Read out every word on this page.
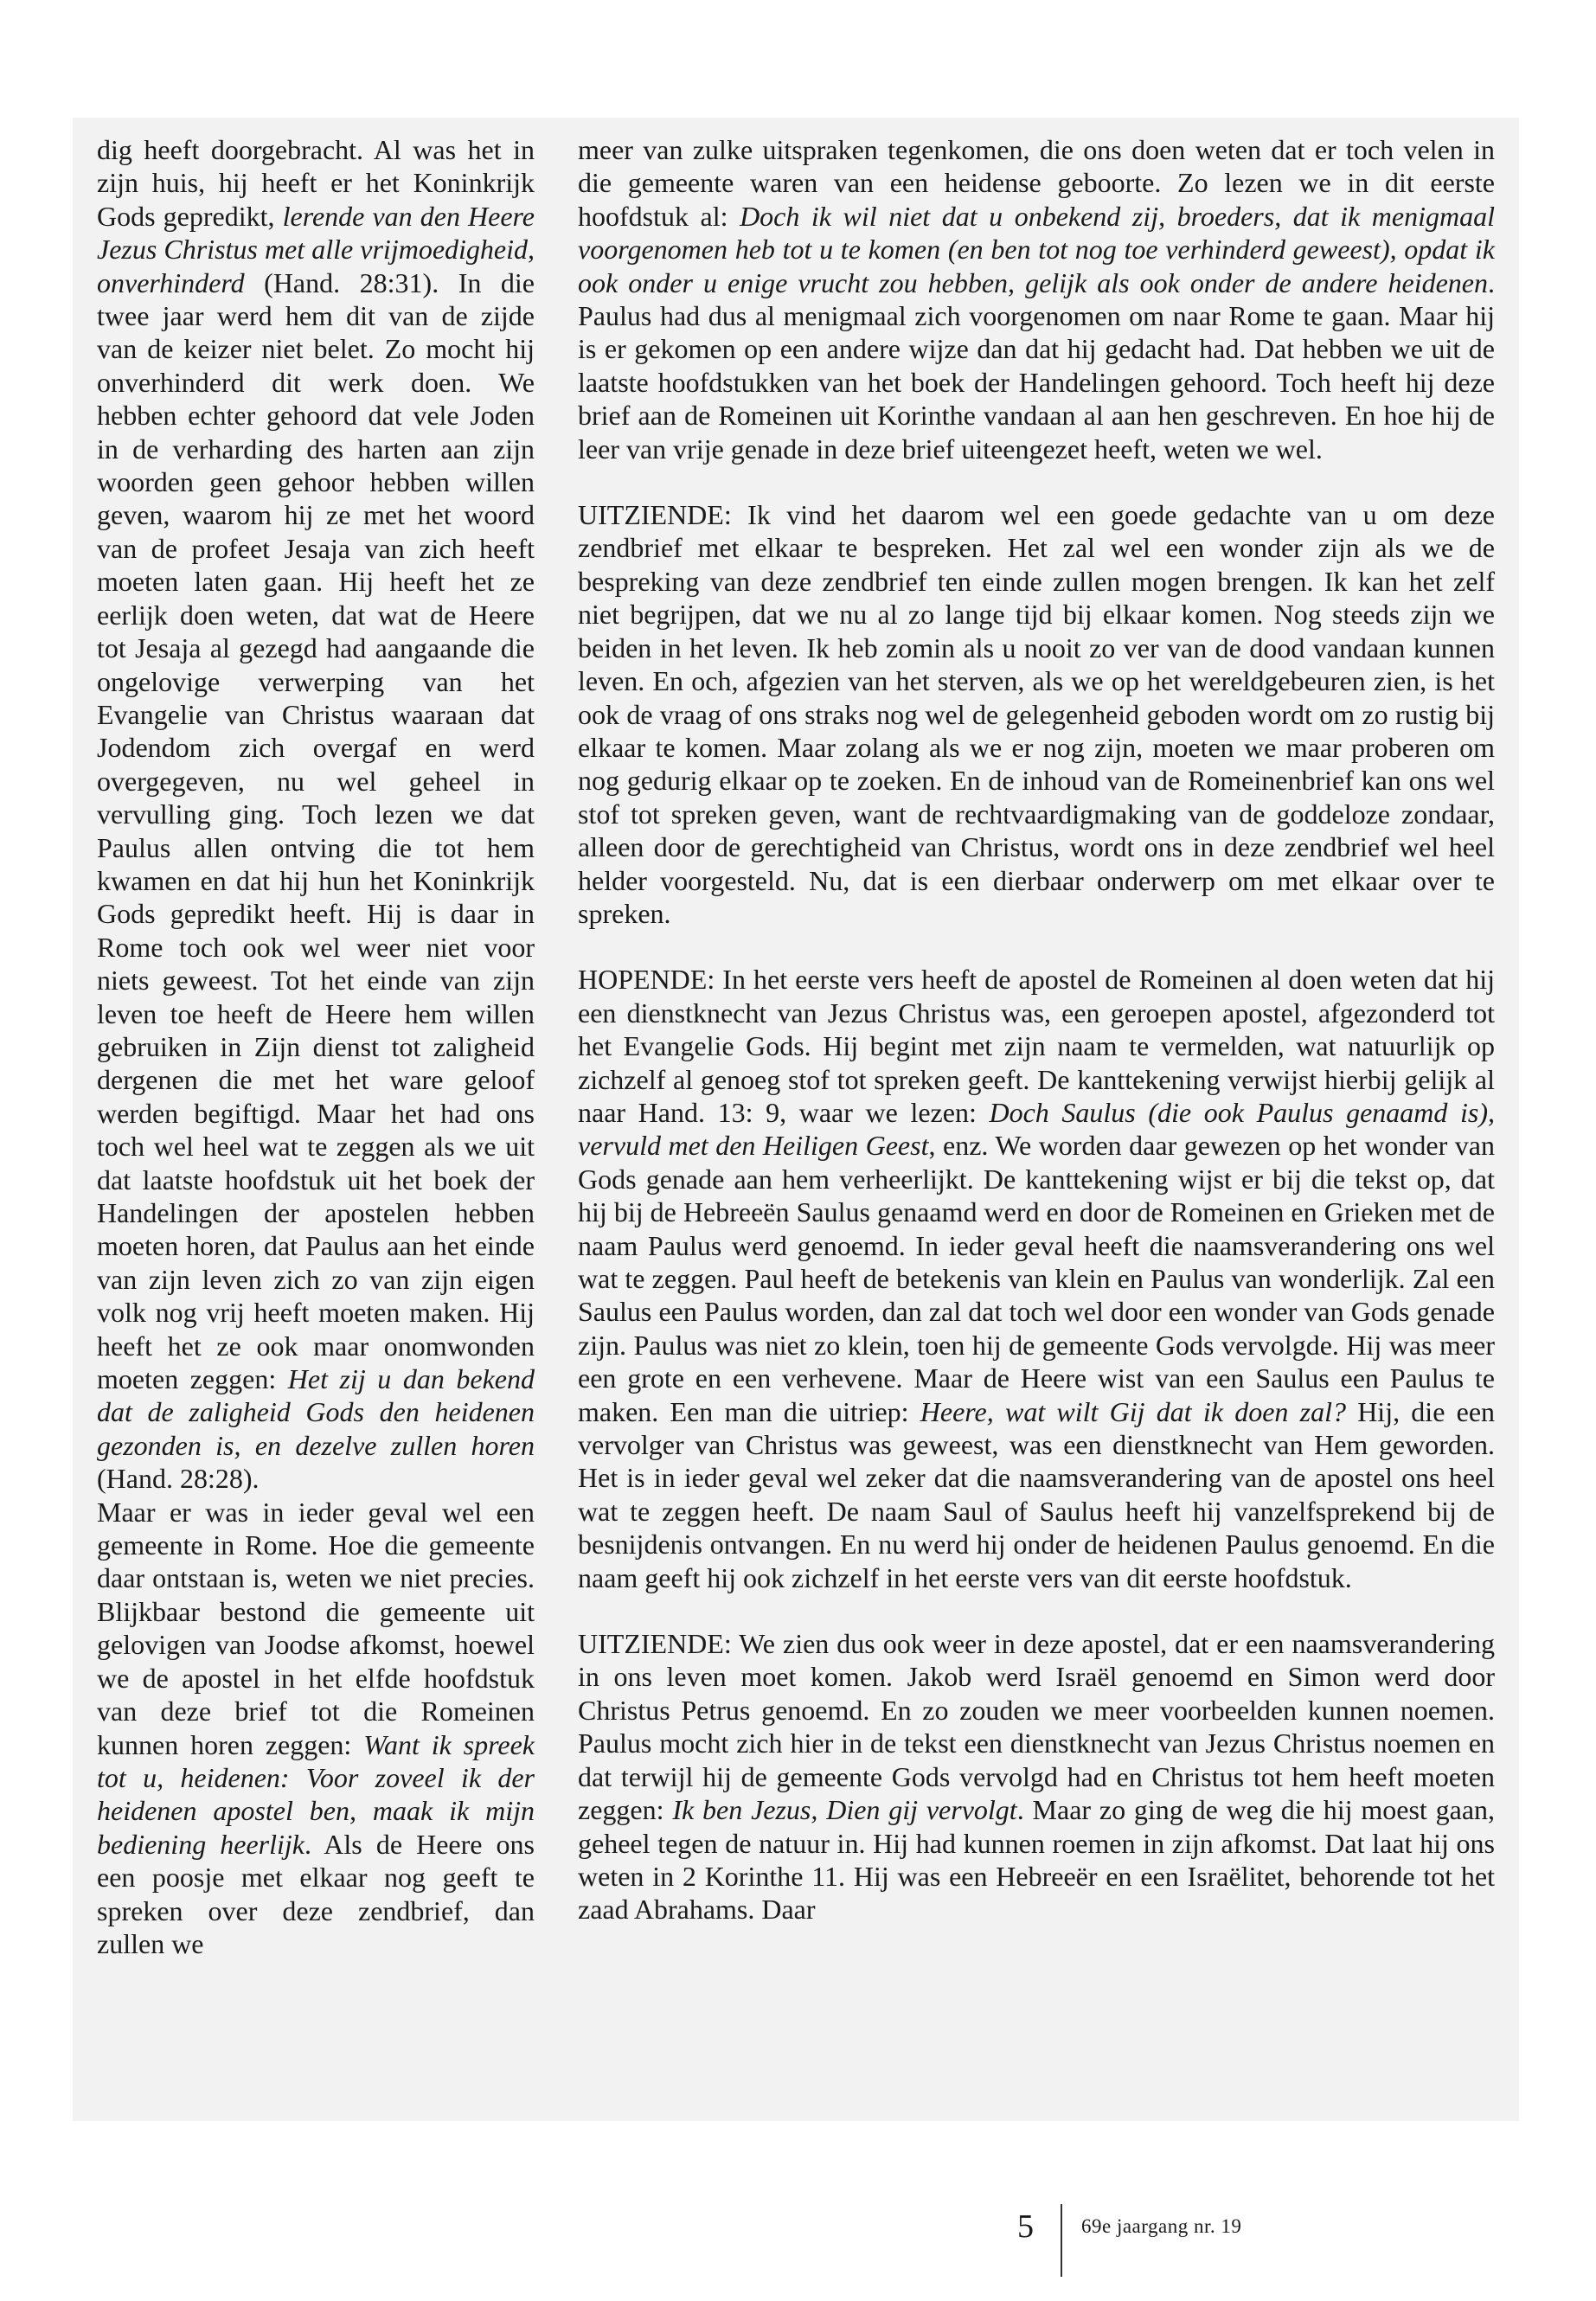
dig heeft doorgebracht. Al was het in zijn huis, hij heeft er het Koninkrijk Gods gepredikt, lerende van den Heere Jezus Christus met alle vrijmoedigheid, onverhinderd (Hand. 28:31). In die twee jaar werd hem dit van de zijde van de keizer niet belet. Zo mocht hij onverhinderd dit werk doen. We hebben echter gehoord dat vele Joden in de verharding des harten aan zijn woorden geen gehoor hebben willen geven, waarom hij ze met het woord van de profeet Jesaja van zich heeft moeten laten gaan. Hij heeft het ze eerlijk doen weten, dat wat de Heere tot Jesaja al gezegd had aangaande die ongelovige verwerping van het Evangelie van Christus waaraan dat Jodendom zich overgaf en werd overgegeven, nu wel geheel in vervulling ging. Toch lezen we dat Paulus allen ontving die tot hem kwamen en dat hij hun het Koninkrijk Gods gepredikt heeft. Hij is daar in Rome toch ook wel weer niet voor niets geweest. Tot het einde van zijn leven toe heeft de Heere hem willen gebruiken in Zijn dienst tot zaligheid dergenen die met het ware geloof werden begiftigd. Maar het had ons toch wel heel wat te zeggen als we uit dat laatste hoofdstuk uit het boek der Handelingen der apostelen hebben moeten horen, dat Paulus aan het einde van zijn leven zich zo van zijn eigen volk nog vrij heeft moeten maken. Hij heeft het ze ook maar onomwonden moeten zeggen: Het zij u dan bekend dat de zaligheid Gods den heidenen gezonden is, en dezelve zullen horen (Hand. 28:28).

Maar er was in ieder geval wel een gemeente in Rome. Hoe die gemeente daar ontstaan is, weten we niet precies. Blijkbaar bestond die gemeente uit gelovigen van Joodse afkomst, hoewel we de apostel in het elfde hoofdstuk van deze brief tot die Romeinen kunnen horen zeggen: Want ik spreek tot u, heidenen: Voor zoveel ik der heidenen apostel ben, maak ik mijn bediening heerlijk. Als de Heere ons een poosje met elkaar nog geeft te spreken over deze zendbrief, dan zullen we

meer van zulke uitspraken tegenkomen, die ons doen weten dat er toch velen in die gemeente waren van een heidense geboorte. Zo lezen we in dit eerste hoofdstuk al: Doch ik wil niet dat u onbekend zij, broeders, dat ik menigmaal voorgenomen heb tot u te komen (en ben tot nog toe verhinderd geweest), opdat ik ook onder u enige vrucht zou hebben, gelijk als ook onder de andere heidenen. Paulus had dus al menigmaal zich voorgenomen om naar Rome te gaan. Maar hij is er gekomen op een andere wijze dan dat hij gedacht had. Dat hebben we uit de laatste hoofdstukken van het boek der Handelingen gehoord. Toch heeft hij deze brief aan de Romeinen uit Korinthe vandaan al aan hen geschreven. En hoe hij de leer van vrije genade in deze brief uiteengezet heeft, weten we wel.

UITZIENDE: Ik vind het daarom wel een goede gedachte van u om deze zendbrief met elkaar te bespreken. Het zal wel een wonder zijn als we de bespreking van deze zendbrief ten einde zullen mogen brengen. Ik kan het zelf niet begrijpen, dat we nu al zo lange tijd bij elkaar komen. Nog steeds zijn we beiden in het leven. Ik heb zomin als u nooit zo ver van de dood vandaan kunnen leven. En och, afgezien van het sterven, als we op het wereldgebeuren zien, is het ook de vraag of ons straks nog wel de gelegenheid geboden wordt om zo rustig bij elkaar te komen. Maar zolang als we er nog zijn, moeten we maar proberen om nog gedurig elkaar op te zoeken. En de inhoud van de Romeinenbrief kan ons wel stof tot spreken geven, want de rechtvaardigmaking van de goddeloze zondaar, alleen door de gerechtigheid van Christus, wordt ons in deze zendbrief wel heel helder voorgesteld. Nu, dat is een dierbaar onderwerp om met elkaar over te spreken.

HOPENDE: In het eerste vers heeft de apostel de Romeinen al doen weten dat hij een dienstknecht van Jezus Christus was, een geroepen apostel, afgezonderd tot het Evangelie Gods. Hij begint met zijn naam te vermelden, wat natuurlijk op zichzelf al genoeg stof tot spreken geeft. De kanttekening verwijst hierbij gelijk al naar Hand. 13: 9, waar we lezen: Doch Saulus (die ook Paulus genaamd is), vervuld met den Heiligen Geest, enz. We worden daar gewezen op het wonder van Gods genade aan hem verheerlijkt. De kanttekening wijst er bij die tekst op, dat hij bij de Hebreeën Saulus genaamd werd en door de Romeinen en Grieken met de naam Paulus werd genoemd. In ieder geval heeft die naamsverandering ons wel wat te zeggen. Paul heeft de betekenis van klein en Paulus van wonderlijk. Zal een Saulus een Paulus worden, dan zal dat toch wel door een wonder van Gods genade zijn. Paulus was niet zo klein, toen hij de gemeente Gods vervolgde. Hij was meer een grote en een verhevene. Maar de Heere wist van een Saulus een Paulus te maken. Een man die uitriep: Heere, wat wilt Gij dat ik doen zal? Hij, die een vervolger van Christus was geweest, was een dienstknecht van Hem geworden. Het is in ieder geval wel zeker dat die naamsverandering van de apostel ons heel wat te zeggen heeft. De naam Saul of Saulus heeft hij vanzelfsprekend bij de besnijdenis ontvangen. En nu werd hij onder de heidenen Paulus genoemd. En die naam geeft hij ook zichzelf in het eerste vers van dit eerste hoofdstuk.

UITZIENDE: We zien dus ook weer in deze apostel, dat er een naamsverandering in ons leven moet komen. Jakob werd Israël genoemd en Simon werd door Christus Petrus genoemd. En zo zouden we meer voorbeelden kunnen noemen. Paulus mocht zich hier in de tekst een dienstknecht van Jezus Christus noemen en dat terwijl hij de gemeente Gods vervolgd had en Christus tot hem heeft moeten zeggen: Ik ben Jezus, Dien gij vervolgt. Maar zo ging de weg die hij moest gaan, geheel tegen de natuur in. Hij had kunnen roemen in zijn afkomst. Dat laat hij ons weten in 2 Korinthe 11. Hij was een Hebreeër en een Israëlitet, behorende tot het zaad Abrahams. Daar

5 69e jaargang nr. 19
